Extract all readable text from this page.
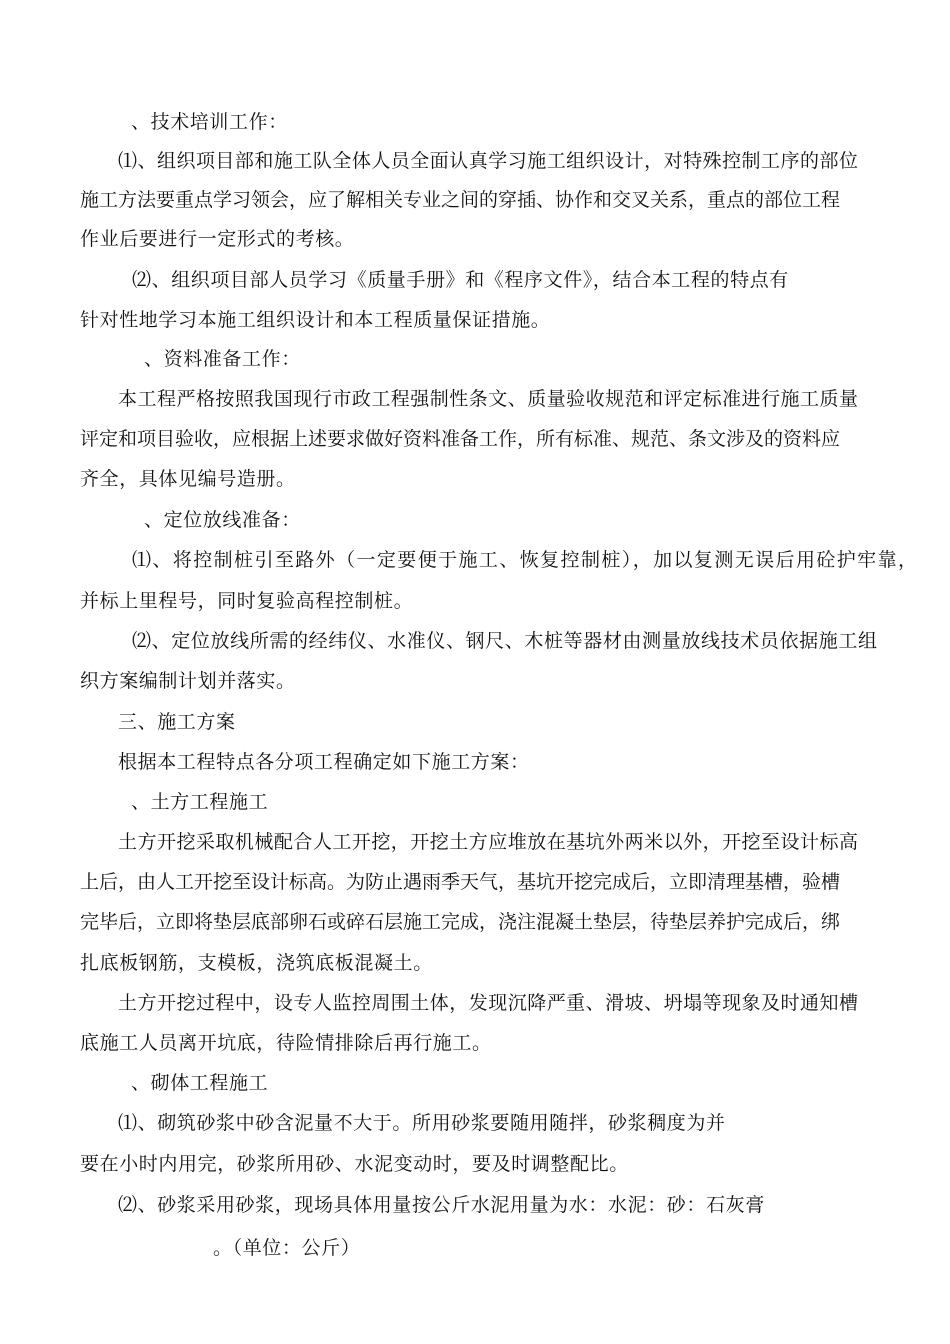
、技术培训工作：
⑴、组织项目部和施工队全体人员全面认真学习施工组织设计，对特殊控制工序的部位
施工方法要重点学习领会，应了解相关专业之间的穿插、协作和交叉关系，重点的部位工程
作业后要进行一定形式的考核。
⑵、组织项目部人员学习《质量手册》和《程序文件》，结合本工程的特点有
针对性地学习本施工组织设计和本工程质量保证措施。
、资料准备工作：
本工程严格按照我国现行市政工程强制性条文、质量验收规范和评定标准进行施工质量
评定和项目验收，应根据上述要求做好资料准备工作，所有标准、规范、条文涉及的资料应
齐全，具体见编号造册。
、定位放线准备：
⑴、将控制桩引至路外（一定要便于施工、恢复控制桩），加以复测无误后用砼护牢靠，
并标上里程号，同时复验高程控制桩。
⑵、定位放线所需的经纬仪、水准仪、钢尺、木桩等器材由测量放线技术员依据施工组
织方案编制计划并落实。
三、施工方案
根据本工程特点各分项工程确定如下施工方案：
、土方工程施工
土方开挖采取机械配合人工开挖，开挖土方应堆放在基坑外两米以外，开挖至设计标高
上后，由人工开挖至设计标高。为防止遇雨季天气，基坑开挖完成后，立即清理基槽，验槽
完毕后，立即将垫层底部卵石或碎石层施工完成，浇注混凝土垫层，待垫层养护完成后，绑
扎底板钢筋，支模板，浇筑底板混凝土。
土方开挖过程中，设专人监控周围土体，发现沉降严重、滑坡、坍塌等现象及时通知槽
底施工人员离开坑底，待险情排除后再行施工。
、砌体工程施工
⑴、砌筑砂浆中砂含泥量不大于。所用砂浆要随用随拌，砂浆稠度为并
要在小时内用完，砂浆所用砂、水泥变动时，要及时调整配比。
⑵、砂浆采用砂浆，现场具体用量按公斤水泥用量为水：水泥：砂：石灰膏
。（单位：公斤）
